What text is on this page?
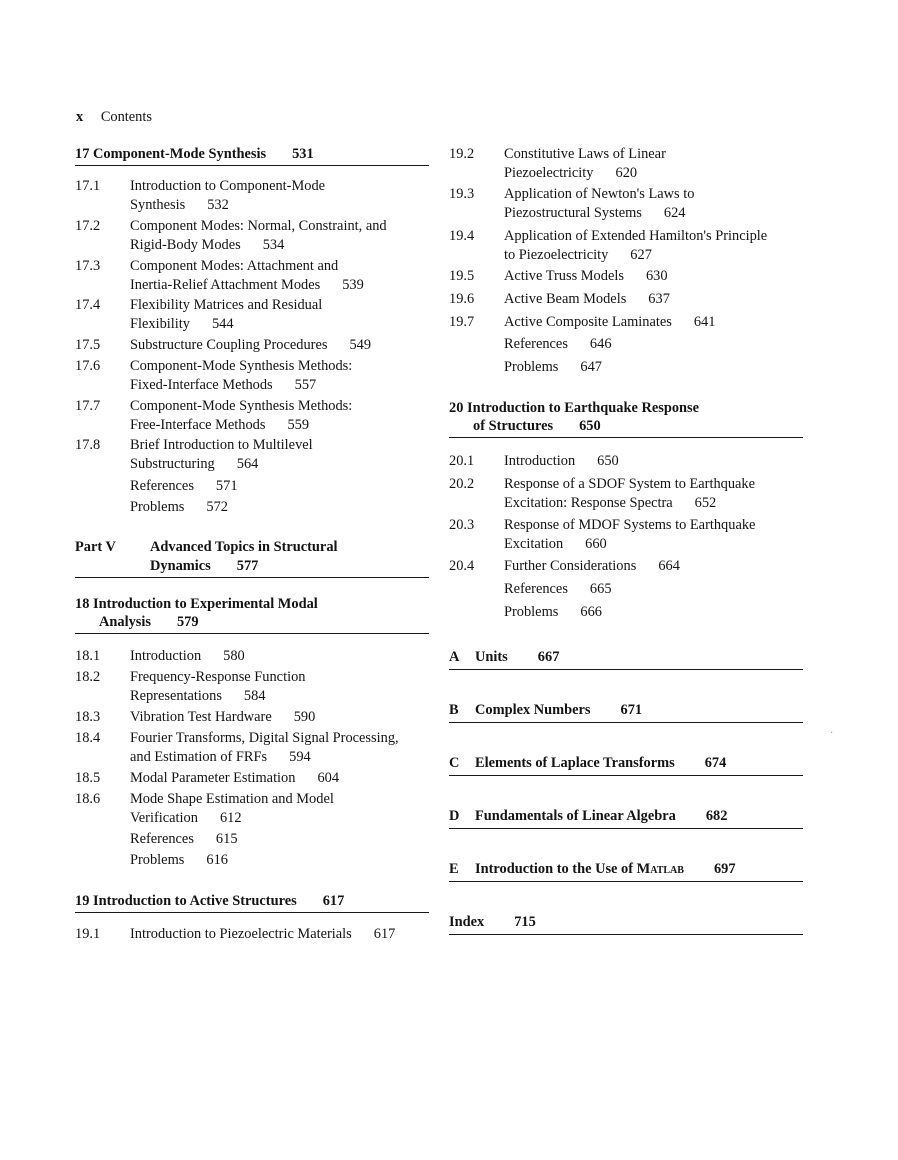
x Contents
17 Component-Mode Synthesis 531
17.1	Introduction to Component-Mode
Synthesis 532
17.2	Component Modes: Normal, Constraint, and
Rigid-Body Modes 534
17.3	Component Modes: Attachment and
Inertia-Relief Attachment Modes 539
17.4	Flexibility Matrices and Residual
Flexibility 544
17.5	Substructure Coupling Procedures 549
17.6	Component-Mode Synthesis Methods:
Fixed-Interface Methods 557
17.7	Component-Mode Synthesis Methods:
Free-Interface Methods 559
17.8	Brief Introduction to Multilevel
Substructuring 564
References 571
Problems 572
Part V	Advanced Topics in Structural
Dynamics 577
18 Introduction to Experimental Modal
Analysis 579
18.1	Introduction 580
18.2	Frequency-Response Function
Representations 584
18.3	Vibration Test Hardware 590
18.4	Fourier Transforms, Digital Signal Processing,
and Estimation of FRFs 594
18.5	Modal Parameter Estimation 604
18.6	Mode Shape Estimation and Model
Verification 612
References 615
Problems 616
19 Introduction to Active Structures 617
19.1	Introduction to Piezoelectric Materials 617
19.2	Constitutive Laws of Linear
Piezoelectricity 620
19.3	Application of Newton's Laws to
Piezostructural Systems 624
19.4	Application of Extended Hamilton's Principle
to Piezoelectricity 627
19.5	Active Truss Models 630
19.6	Active Beam Models 637
19.7	Active Composite Laminates 641
References 646
Problems 647
20 Introduction to Earthquake Response
of Structures 650
20.1	Introduction 650
20.2	Response of a SDOF System to Earthquake
Excitation: Response Spectra 652
20.3	Response of MDOF Systems to Earthquake
Excitation 660
20.4	Further Considerations 664
References 665
Problems 666
A Units 667
B Complex Numbers 671
C Elements of Laplace Transforms 674
D Fundamentals of Linear Algebra 682
E Introduction to the Use of Matlab 697
Index 715
·
